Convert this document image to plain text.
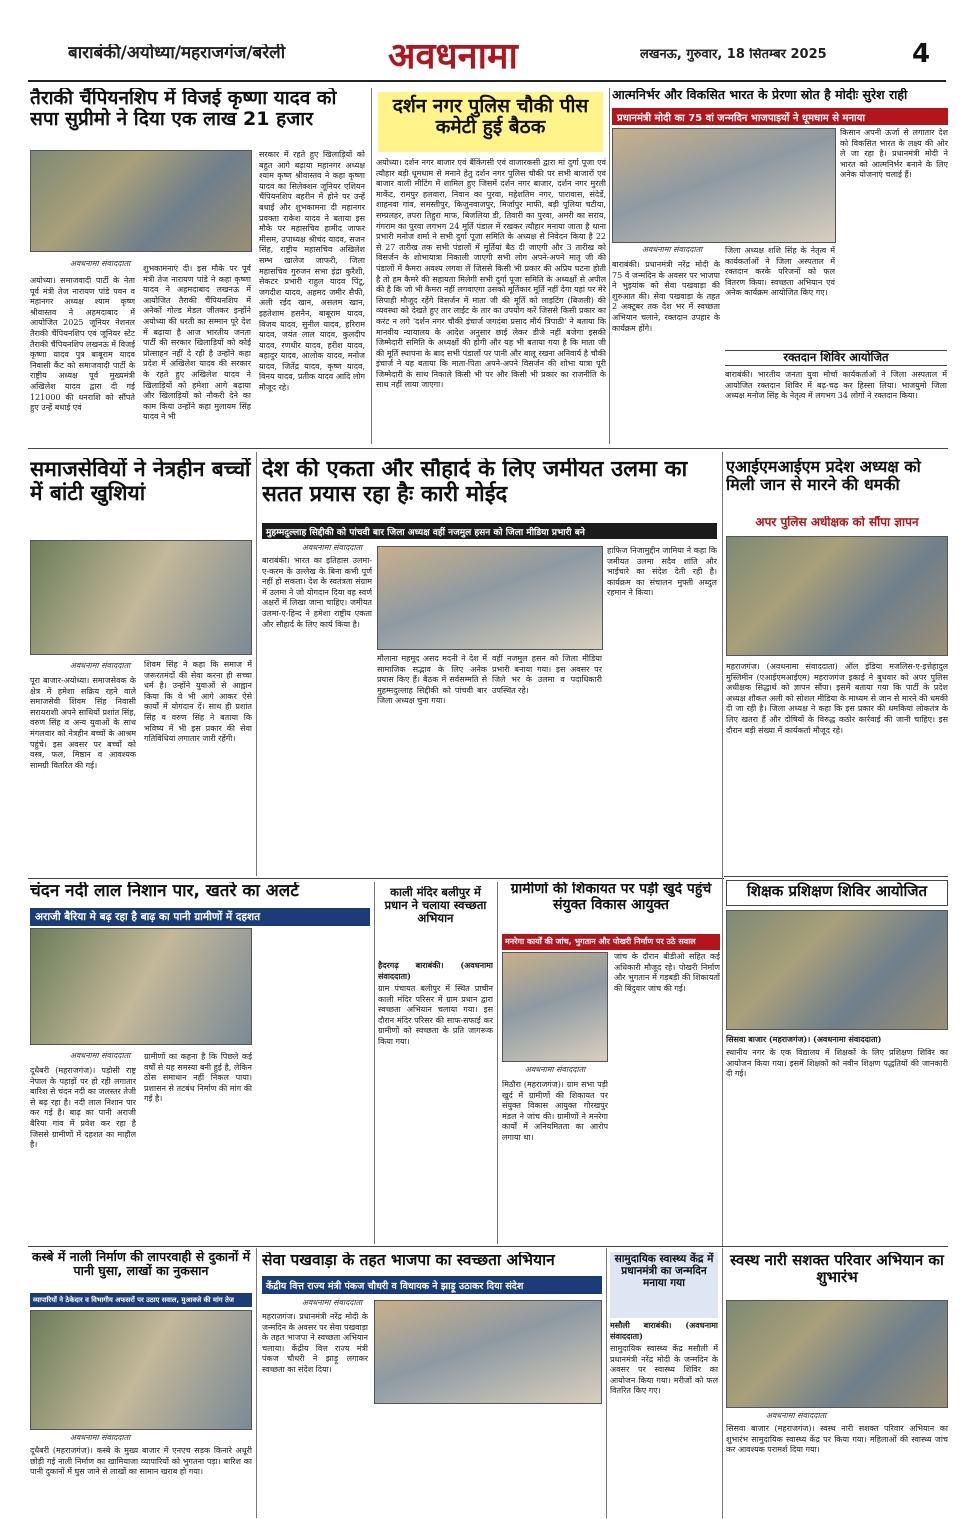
बाराबंकी/अयोध्या/महराजगंज/बरेली	अवधनामा	लखनऊ, गुरुवार, 18 सितम्बर 2025	4
तैराकी चैंपियनशिप में विजई कृष्णा यादव को सपा सुप्रीमो ने दिया एक लाख 21 हजार
अवधनामा संवाददाता
अयोध्या। समाजवादी पार्टी के नेता पूर्व मंत्री तेज नारायण पांडे पवन व महानगर अध्यक्ष श्याम कृष्ण श्रीवास्तव ने अहमदाबाद में आयोजित 2025 जूनियर नेशनल तैराकी चैंपियनशिप एवं जूनियर स्टेट तैराकी चैंपियनशिप लखनऊ में विजई कृष्णा यादव पुत्र बाबूराम यादव निवासी कैंट को समाजवादी पार्टी के राष्ट्रीय अध्यक्ष पूर्व मुख्यमंत्री अखिलेश यादव द्वारा दी गई 121000 की धनराशि को सौंपते हुए उन्हें बधाई एवं
शुभकामनाएं दी। इस मौके पर पूर्व मंत्री तेज नारायण पांडे ने कहा कृष्णा यादव ने अहमदाबाद लखनऊ में आयोजित तैराकी चैंपियनशिप में अनेकों गोल्ड मेडल जीतकर इन्होंने अयोध्या की धरती का सम्मान पूरे देश में बढ़ाया है आज भारतीय जनता पार्टी की सरकार खिलाड़ियों को कोई प्रोत्साहन नहीं दे रही है उन्होंने कहा प्रदेश में अखिलेश यादव की सरकार के रहते हुए अखिलेश यादव ने खिलाड़ियों को हमेशा आगे बढ़ाया और खिलाड़ियों को नौकरी देने का काम किया उन्होंने कहा मुलायम सिंह यादव ने भी
सरकार में रहते हुए खिलाड़ियों को बहुत आगे बढ़ाया महानगर अध्यक्ष श्याम कृष्ण श्रीवास्तव ने कहा कृष्णा यादव का सिलेक्शन जूनियर एशियन चैंपियनशिप बहरीन में होने पर उन्हें बधाई और शुभकामना दी महानगर प्रवक्ता राकेश यादव ने बताया इस मौके पर महासचिव हामीद जाफर मीसम, उपाध्यक्ष श्रीचंद यादव, सजन सिंह, राष्ट्रीय महासचिव अखिलेश सम्भ खालेज जाफरी, जिला महासचिव गुरुजन सभा इंद्रा कुरैशी, सेकटर प्रभारी राहुल यादव पिंटू, जगदीश यादव, अहमद जमीर सैफी, अली रईद खान, असलम खान, इहतेशाम हसनैन, बाबूराम यादव, विजय यादव, सुनील यादव, हरिराम यादव, जयंत लाल यादव, कुलदीप यादव, रणधीर यादव, हरीश यादव, बहादुर यादव, आलोक यादव, मनोज यादव, जितेंद्र यादव, कृष्ण यादव, विनय यादव, प्रतीक यादव आदि लोग मौजूद रहे।
दर्शन नगर पुलिस चौकी पीस कमेटी हुई बैठक
अयोध्या। दर्शन नगर बाजार एवं बैंकिंगसी एवं वाजारकसी द्वारा मां दुर्गा पूजा एवं त्यौहार बड़ी धूमधाम से मनाने हेतु दर्शन नगर पुलिस चौकी पर सभी बाजारों एवं बाजार वाली मीटिंग में शामिल हुए जिसमें दर्शन नगर बाजार, दर्शन नगर मुरली मार्केट, रामपुर हलवारा, निवान का पुरवा, महेशतिम नगर, पारावास, संदेर्डे, शाहनवा गांव, समस्तीपुर, किजुनवाजपुर, मिर्जापुर माफी, बड़ी पूलिया चटीया, सम्प्रलहर, तपरा तिहुरा माफ, बिजलिया डी, तिवारी का पुरवा, अमरी का सराय, गंगराम का पुरवा लगभग 24 मूर्ति पंडाल में रखकर त्यौहार मनाया जाता है थाना प्रभारी मनोज शर्मा ने सभी दुर्गा पूजा समिति के अध्यक्ष से निवेदन किया है 22 से 27 तारीख तक सभी पंडालों में मूर्तियां बैठ दी जाएगी और 3 तारीख को विसर्जन के शोभायात्रा निकाली जाएगी सभी लोग अपने-अपने मातृ जी की पंडालों में कैमरा अवश्य लगवा लें जिससे किसी भी प्रकार की अप्रिय घटना होती है तो हम कैमरे की सहायता मिलेगी सभी दुर्गा पूजा समिति के अध्यक्षों से अपील की है कि जो भी कैमरा नहीं लगवाएगा उसको मूर्तिकार मूर्ति नहीं देगा यहां पर मेरे सिपाही मौजूद रहेंगे विसर्जन में माता जी की मूर्ति को लाइटिंग (बिजली) की व्यवस्था को देखते हुए तार लाईट के तार का उपयोग करें जिससे किसी प्रकार का करंट न लगे 'दर्शन नगर चौकी इंचार्ज जगदंबा प्रसाद मौर्य त्रिपाठी' ने बताया कि मानवीय न्यायालय के आदेश अनुसार छाई लेकर डीजे नहीं बजेगा इसकी जिम्मेदारी समिति के अध्यक्षों की होगी और यह भी बताया गया है कि माता जी की मूर्ति स्थापना के बाद सभी पंडालों पर पानी और बालू रखना अनिवार्य है चौकी इंचार्ज ने यह बताया कि माता-पिता अपने-अपने विसर्जन की शोभा यात्रा पूरी जिम्मेदारी के साथ निकाले किसी भी पर और किसी भी प्रकार का राजनीति के साथ नहीं लाया जाएगा।
आत्मनिर्भर और विकसित भारत के प्रेरणा स्रोत है मोदीः सुरेश राही
प्रधानमंत्री मोदी का 75 वां जन्मदिन भाजपाइयों ने धूमधाम से मनाया
अवधनामा संवाददाता
बाराबंकी। प्रधानमंत्री नरेंद्र मोदी के 75 वें जन्मदिन के अवसर पर भाजपा ने भुइयांक को सेवा पखवाड़ा की शुरुआत की। सेवा पखवाड़ा के तहत 2 अक्टूबर तक देश भर में स्वच्छता अभियान चलाने, रक्तदान उपहार के कार्यक्रम होंगे।
जिला अध्यक्ष शशि सिंह के नेतृत्व में कार्यकर्ताओं ने जिला अस्पताल में रक्तदान करके परिजनों को फल वितरण किया। स्वच्छता अभियान एवं अनेक कार्यक्रम आयोजित किए गए।
किसान अपनी ऊर्जा से लगातार देश को विकसित भारत के लक्ष्य की ओर ले जा रहा है। प्रधानमंत्री मोदी ने भारत को आत्मनिर्भर बनाने के लिए अनेक योजनाएं चलाई हैं।
रक्तदान शिविर आयोजित
बाराबंकी। भारतीय जनता युवा मोर्चा कार्यकर्ताओं ने जिला अस्पताल में आयोजित रक्तदान शिविर में बढ़-चढ़ कर हिस्सा लिया। भाजयुमो जिला अध्यक्ष मनोज सिंह के नेतृत्व में लगभग 34 लोगों ने रक्तदान किया।
समाजसेवियों ने नेत्रहीन बच्चों में बांटी खुशियां
अवधनामा संवाददाता
पूरा बाजार-अयोध्या। समाजसेवक के क्षेत्र में हमेशा सक्रिय रहने वाले समाजसेवी शिवम सिंह निवासी सरायराशी अपने साथियों प्रशांत सिंह, वरुण सिंह व अन्य युवाओं के साथ मंगलवार को नेत्रहीन बच्चों के आश्रम पहुंचे। इस अवसर पर बच्चों को वस्त्र, फल, मिष्ठान व आवश्यक सामग्री वितरित की गई।
शिवम सिंह ने कहा कि समाज में जरूरतमंदों की सेवा करना ही सच्चा धर्म है। उन्होंने युवाओं से आह्वान किया कि वे भी आगे आकर ऐसे कार्यों में योगदान दें। साथ ही प्रशांत सिंह व वरुण सिंह ने बताया कि भविष्य में भी इस प्रकार की सेवा गतिविधियां लगातार जारी रहेंगी।
देश की एकता और सौहार्द के लिए जमीयत उलमा का सतत प्रयास रहा हैः कारी मोईद
मुहम्मदुल्लाह सिद्दीकी को पांचवी बार जिला अध्यक्ष वहीं नजमुल हसन को जिला मीडिया प्रभारी बने
अवधनामा संवाददाता
बाराबंकी। भारत का इतिहास उलमा-ए-करम के उल्लेख के बिना कभी पूर्ण नहीं हो सकता। देश के स्वतंत्रता संग्राम में उलमा ने जो योगदान दिया वह स्वर्ण अक्षरों में लिखा जाना चाहिए। जमीयत उलमा-ए-हिन्द ने हमेशा राष्ट्रीय एकता और सौहार्द के लिए कार्य किया है।
मौलाना महमूद असद मदनी ने देश में सामाजिक सद्भाव के लिए अनेक प्रयास किए हैं। बैठक में सर्वसम्मति से मुहम्मदुल्लाह सिद्दीकी को पांचवी बार जिला अध्यक्ष चुना गया।
वहीं नजमुल हसन को जिला मीडिया प्रभारी बनाया गया। इस अवसर पर जिले भर के उलमा व पदाधिकारी उपस्थित रहे।
हाफिज निजामुद्दीन जामिया ने कहा कि जमीयत उलमा सदैव शांति और भाईचारे का संदेश देती रही है। कार्यक्रम का संचालन मुफ्ती अब्दुल रहमान ने किया।
एआईएमआईएम प्रदेश अध्यक्ष को मिली जान से मारने की धमकी
अपर पुलिस अधीक्षक को सौंपा ज्ञापन
महराजगंज। (अवधनामा संवाददाता) ऑल इंडिया मजलिस-ए-इत्तेहादुल मुस्लिमीन (एआईएमआईएम) महराजगंज इकाई ने बुधवार को अपर पुलिस अधीक्षक सिद्धार्थ को ज्ञापन सौंपा। इसमें बताया गया कि पार्टी के प्रदेश अध्यक्ष शौकत अली को सोशल मीडिया के माध्यम से जान से मारने की धमकी दी जा रही है। जिला अध्यक्ष ने कहा कि इस प्रकार की धमकियां लोकतंत्र के लिए खतरा हैं और दोषियों के विरुद्ध कठोर कार्रवाई की जानी चाहिए। इस दौरान बड़ी संख्या में कार्यकर्ता मौजूद रहे।
चंदन नदी लाल निशान पार, खतरे का अलर्ट
अराजी बैरिया मे बढ़ रहा है बाढ़ का पानी ग्रामीणों में दहशत
अवधनामा संवाददाता
दूधैबरी (महराजगंज)। पड़ोसी राष्ट्र नेपाल के पहाड़ों पर हो रही लगातार बारिश से चंदन नदी का जलस्तर तेजी से बढ़ रहा है। नदी लाल निशान पार कर गई है। बाढ़ का पानी अराजी बैरिया गांव में प्रवेश कर रहा है जिससे ग्रामीणों में दहशत का माहौल है।
ग्रामीणों का कहना है कि पिछले कई वर्षों से यह समस्या बनी हुई है, लेकिन ठोस समाधान नहीं निकल पाया। प्रशासन से तटबंध निर्माण की मांग की गई है।
काली मंदिर बलीपुर में प्रधान ने चलाया स्वच्छता अभियान
हैदरगढ़ बाराबंकी। (अवधनामा संवाददाता)
ग्राम पंचायत बलीपुर में स्थित प्राचीन काली मंदिर परिसर में ग्राम प्रधान द्वारा स्वच्छता अभियान चलाया गया। इस दौरान मंदिर परिसर की साफ-सफाई कर ग्रामीणों को स्वच्छता के प्रति जागरूक किया गया।
ग्रामीणों की शिकायत पर पड़ी खुर्द पहुंचे संयुक्त विकास आयुक्त
मनरेगा कार्यों की जांच, भुगतान और पोखरी निर्माण पर उठे सवाल
अवधनामा संवाददाता
मिठौरा (महराजगंज)। ग्राम सभा पड़ी खुर्द में ग्रामीणों की शिकायत पर संयुक्त विकास आयुक्त गोरखपुर मंडल ने जांच की। ग्रामीणों ने मनरेगा कार्यों में अनियमितता का आरोप लगाया था।
जांच के दौरान बीडीओ सहित कई अधिकारी मौजूद रहे। पोखरी निर्माण और भुगतान में गड़बड़ी की शिकायतों की बिंदुवार जांच की गई।
शिक्षक प्रशिक्षण शिविर आयोजित
सिसवा बाजार (महराजगंज)। (अवधनामा संवाददाता)
स्थानीय नगर के एक विद्यालय में शिक्षकों के लिए प्रशिक्षण शिविर का आयोजन किया गया। इसमें शिक्षकों को नवीन शिक्षण पद्धतियों की जानकारी दी गई।
कस्बे में नाली निर्माण की लापरवाही से दुकानों में पानी घुसा, लाखों का नुकसान
व्यापारियों ने ठेकेदार व विभागीय अफसरों पर उठाए सवाल, मुआवजे की मांग तेज
अवधनामा संवाददाता
दूधैबरी (महराजगंज)। कस्बे के मुख्य बाजार में एनएच सड़क किनारे अधूरी छोड़ी गई नाली निर्माण का खामियाजा व्यापारियों को भुगतना पड़ा। बारिश का पानी दुकानों में घुस जाने से लाखों का सामान खराब हो गया।
सेवा पखवाड़ा के तहत भाजपा का स्वच्छता अभियान
केंद्रीय वित्त राज्य मंत्री पंकज चौधरी व विधायक ने झाड़ू उठाकर दिया संदेश
अवधनामा संवाददाता
महराजगंज। प्रधानमंत्री नरेंद्र मोदी के जन्मदिन के अवसर पर सेवा पखवाड़ा के तहत भाजपा ने स्वच्छता अभियान चलाया। केंद्रीय वित्त राज्य मंत्री पंकज चौधरी ने झाड़ू लगाकर स्वच्छता का संदेश दिया।
सामुदायिक स्वास्थ्य केंद्र में प्रधानमंत्री का जन्मदिन मनाया गया
मसौली बाराबंकी। (अवधनामा संवाददाता)
सामुदायिक स्वास्थ्य केंद्र मसौली में प्रधानमंत्री नरेंद्र मोदी के जन्मदिन के अवसर पर स्वास्थ्य शिविर का आयोजन किया गया। मरीजों को फल वितरित किए गए।
स्वस्थ नारी सशक्त परिवार अभियान का शुभारंभ
अवधनामा संवाददाता
सिसवा बाजार (महराजगंज)। स्वस्थ नारी सशक्त परिवार अभियान का शुभारंभ सामुदायिक स्वास्थ्य केंद्र पर किया गया। महिलाओं की स्वास्थ्य जांच कर आवश्यक परामर्श दिया गया।
